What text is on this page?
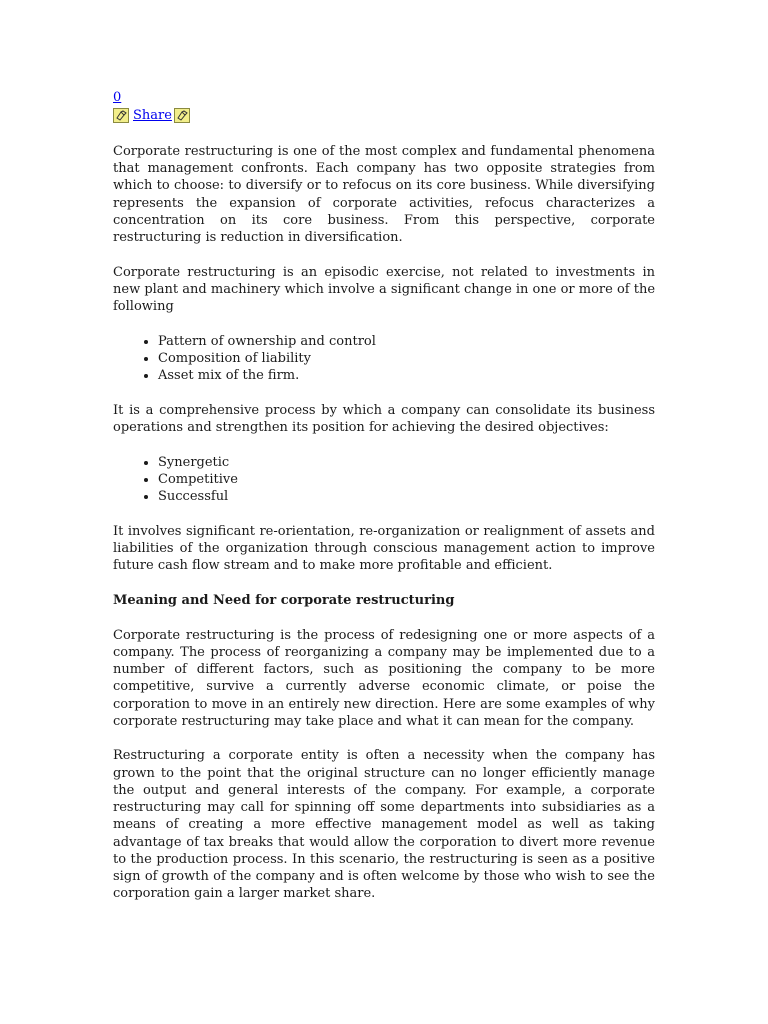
0
Share

Corporate restructuring is one of the most complex and fundamental phenomena that management confronts. Each company has two opposite strategies from which to choose: to diversify or to refocus on its core business. While diversifying represents the expansion of corporate activities, refocus characterizes a concentration on its core business. From this perspective, corporate restructuring is reduction in diversification.

Corporate restructuring is an episodic exercise, not related to investments in new plant and machinery which involve a significant change in one or more of the following

• Pattern of ownership and control
• Composition of liability
• Asset mix of the firm.

It is a comprehensive process by which a company can consolidate its business operations and strengthen its position for achieving the desired objectives:

• Synergetic
• Competitive
• Successful

It involves significant re-orientation, re-organization or realignment of assets and liabilities of the organization through conscious management action to improve future cash flow stream and to make more profitable and efficient.

Meaning and Need for corporate restructuring

Corporate restructuring is the process of redesigning one or more aspects of a company. The process of reorganizing a company may be implemented due to a number of different factors, such as positioning the company to be more competitive, survive a currently adverse economic climate, or poise the corporation to move in an entirely new direction. Here are some examples of why corporate restructuring may take place and what it can mean for the company.

Restructuring a corporate entity is often a necessity when the company has grown to the point that the original structure can no longer efficiently manage the output and general interests of the company. For example, a corporate restructuring may call for spinning off some departments into subsidiaries as a means of creating a more effective management model as well as taking advantage of tax breaks that would allow the corporation to divert more revenue to the production process. In this scenario, the restructuring is seen as a positive sign of growth of the company and is often welcome by those who wish to see the corporation gain a larger market share.
